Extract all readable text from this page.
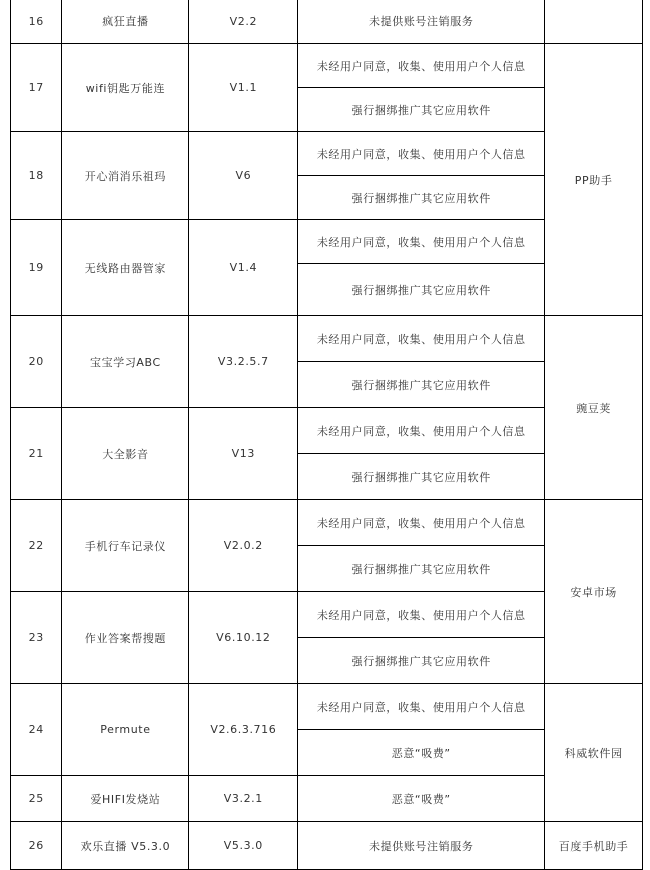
16	疯狂直播	V2.2	未提供账号注销服务	
17	wifi钥匙万能连	V1.1	未经用户同意，收集、使用用户个人信息	PP助手
			强行捆绑推广其它应用软件	
18	开心消消乐祖玛	V6	未经用户同意，收集、使用用户个人信息	
			强行捆绑推广其它应用软件	
19	无线路由器管家	V1.4	未经用户同意，收集、使用用户个人信息	
			强行捆绑推广其它应用软件	
20	宝宝学习ABC	V3.2.5.7	未经用户同意，收集、使用用户个人信息	豌豆荚
			强行捆绑推广其它应用软件	
21	大全影音	V13	未经用户同意，收集、使用用户个人信息	
			强行捆绑推广其它应用软件	
22	手机行车记录仪	V2.0.2	未经用户同意，收集、使用用户个人信息	安卓市场
			强行捆绑推广其它应用软件	
23	作业答案帮搜题	V6.10.12	未经用户同意，收集、使用用户个人信息	
			强行捆绑推广其它应用软件	
24	Permute	V2.6.3.716	未经用户同意，收集、使用用户个人信息	科威软件园
			恶意“吸费”	
25	爱HIFI发烧站	V3.2.1	恶意“吸费”	
26	欢乐直播 V5.3.0	V5.3.0	未提供账号注销服务	百度手机助手
